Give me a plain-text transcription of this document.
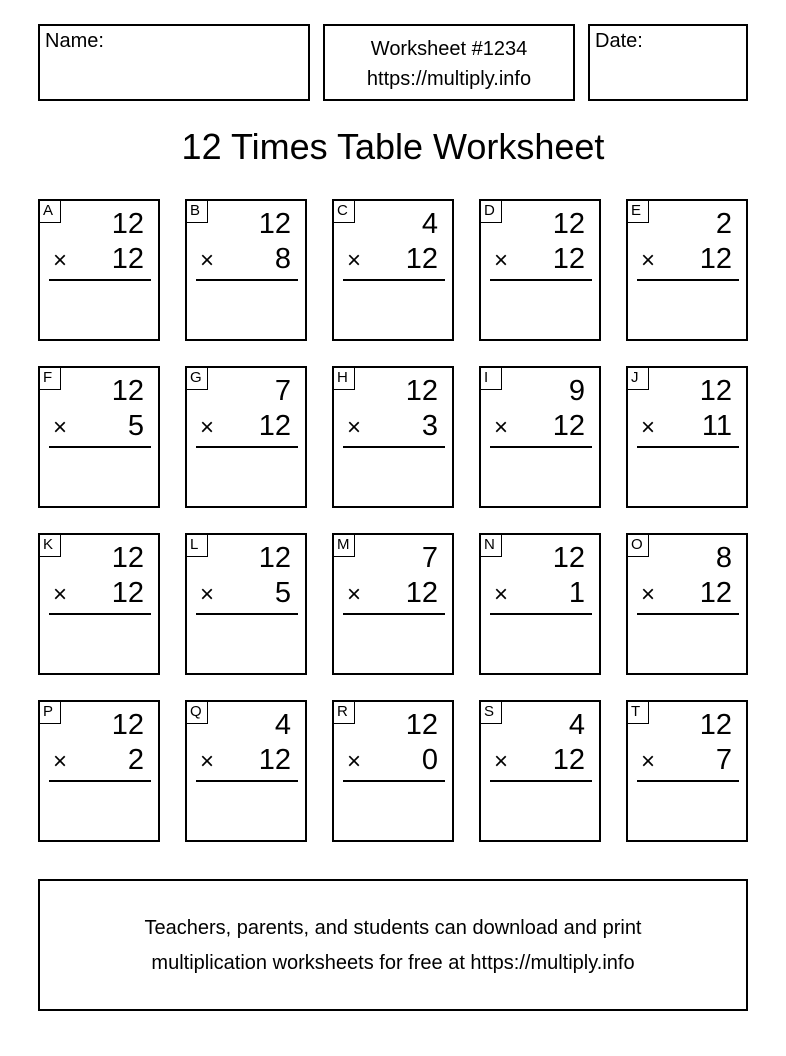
Name:	Worksheet #1234
https://multiply.info
Date:
12 Times Table Worksheet
A 12
× 12
B 12
× 8
C	4
× 12
D 12
× 12
E	2
× 12
F	12
× 5
G	7
× 12
H 12
× 3
I	9
× 12
J	12
× 11
K 12
× 12
L	12
× 5
M 7
× 12
N 12
× 1
O	8
× 12
P 12
× 2
Q	4
× 12
R 12
× 0
S	4
× 12
T	12
× 7
Teachers, parents, and students can download and print
multiplication worksheets for free at https://multiply.info
